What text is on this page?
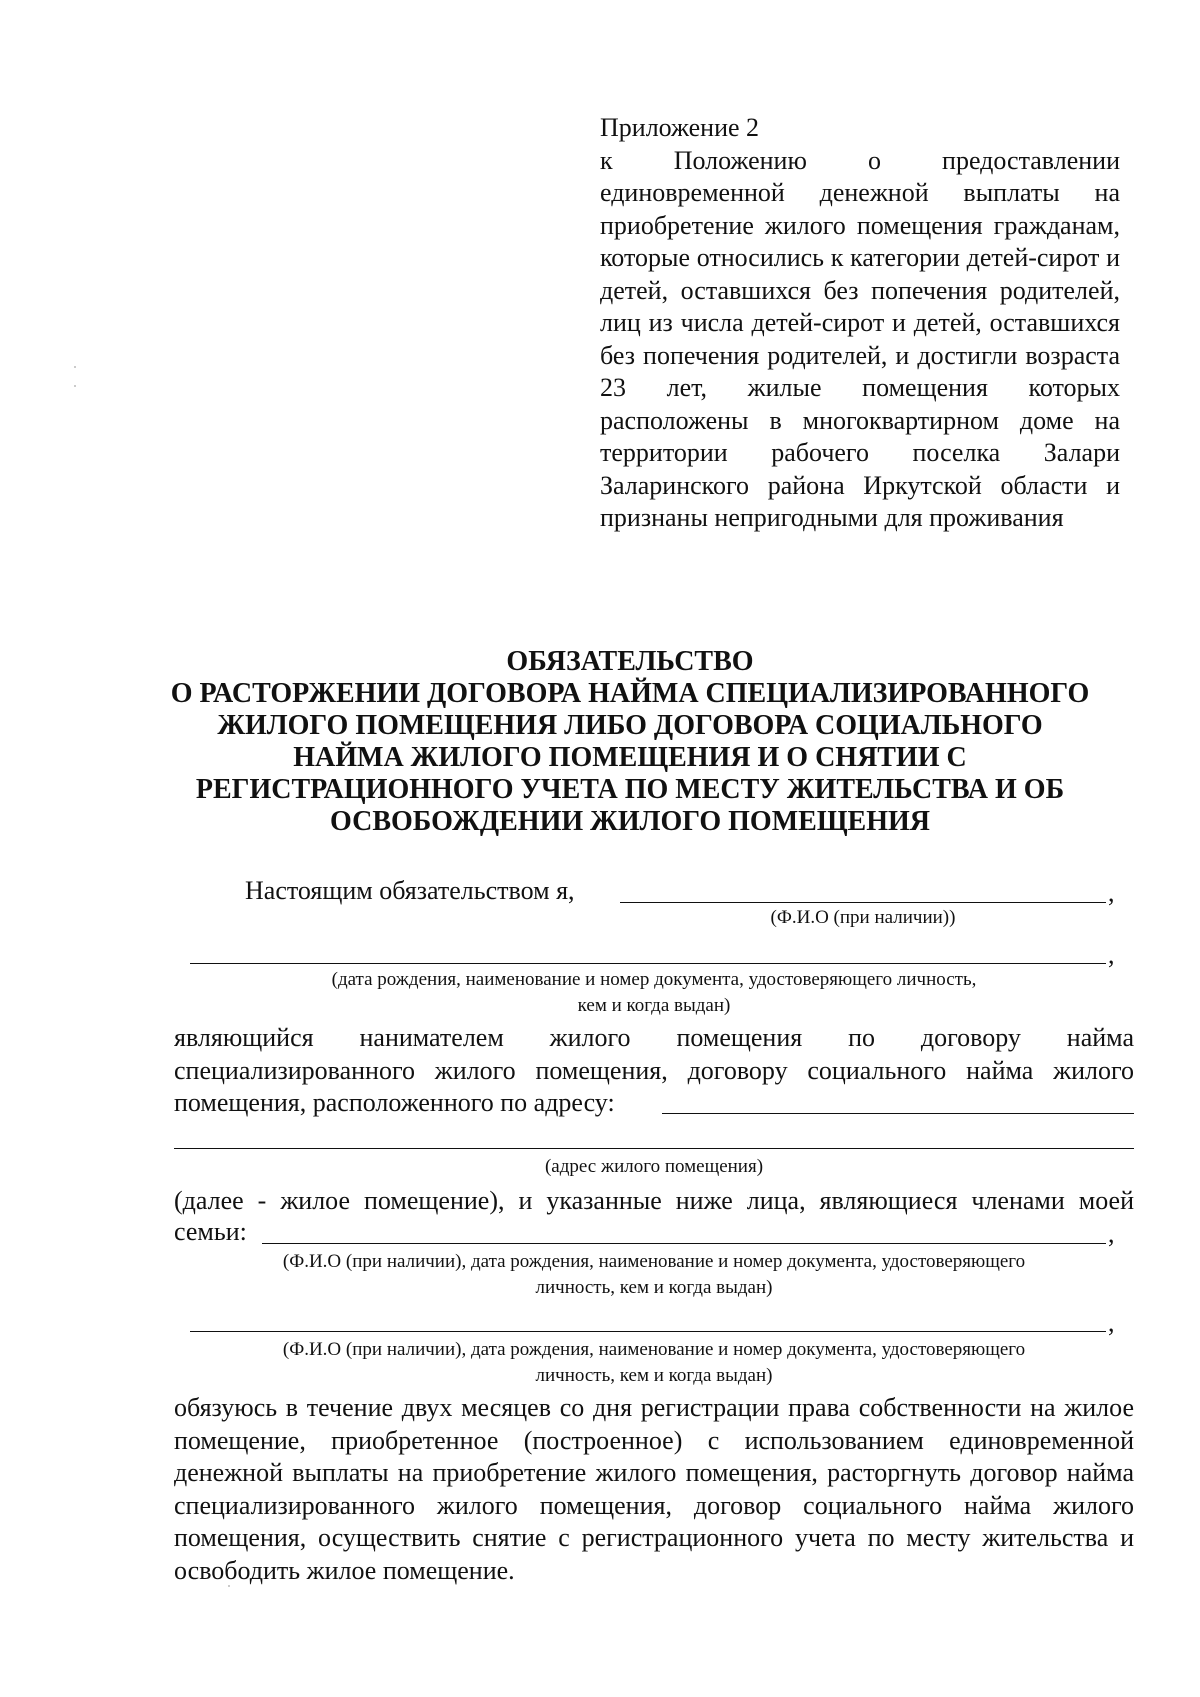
Приложение 2
к Положению о предоставлении единовременной денежной выплаты на приобретение жилого помещения гражданам, которые относились к категории детей-сирот и детей, оставшихся без попечения родителей, лиц из числа детей-сирот и детей, оставшихся без попечения родителей, и достигли возраста 23 лет, жилые помещения которых расположены в многоквартирном доме на территории рабочего поселка Залари Заларинского района Иркутской области и признаны непригодными для проживания
ОБЯЗАТЕЛЬСТВО
О РАСТОРЖЕНИИ ДОГОВОРА НАЙМА СПЕЦИАЛИЗИРОВАННОГО
ЖИЛОГО ПОМЕЩЕНИЯ ЛИБО ДОГОВОРА СОЦИАЛЬНОГО
НАЙМА ЖИЛОГО ПОМЕЩЕНИЯ И О СНЯТИИ С
РЕГИСТРАЦИОННОГО УЧЕТА ПО МЕСТУ ЖИТЕЛЬСТВА И ОБ
ОСВОБОЖДЕНИИ ЖИЛОГО ПОМЕЩЕНИЯ
Настоящим обязательством я,	,
(Ф.И.О (при наличии))
,
(дата рождения, наименование и номер документа, удостоверяющего личность,
кем и когда выдан)
являющийся нанимателем жилого помещения по договору найма специализированного жилого помещения, договору социального найма жилого помещения, расположенного по адресу:
(адрес жилого помещения)
(далее - жилое помещение), и указанные ниже лица, являющиеся членами моей
семьи:	,
(Ф.И.О (при наличии), дата рождения, наименование и номер документа, удостоверяющего
личность, кем и когда выдан)
,
(Ф.И.О (при наличии), дата рождения, наименование и номер документа, удостоверяющего
личность, кем и когда выдан)
обязуюсь в течение двух месяцев со дня регистрации права собственности на жилое помещение, приобретенное (построенное) с использованием единовременной денежной выплаты на приобретение жилого помещения, расторгнуть договор найма специализированного жилого помещения, договор социального найма жилого помещения, осуществить снятие с регистрационного учета по месту жительства и освободить жилое помещение.
